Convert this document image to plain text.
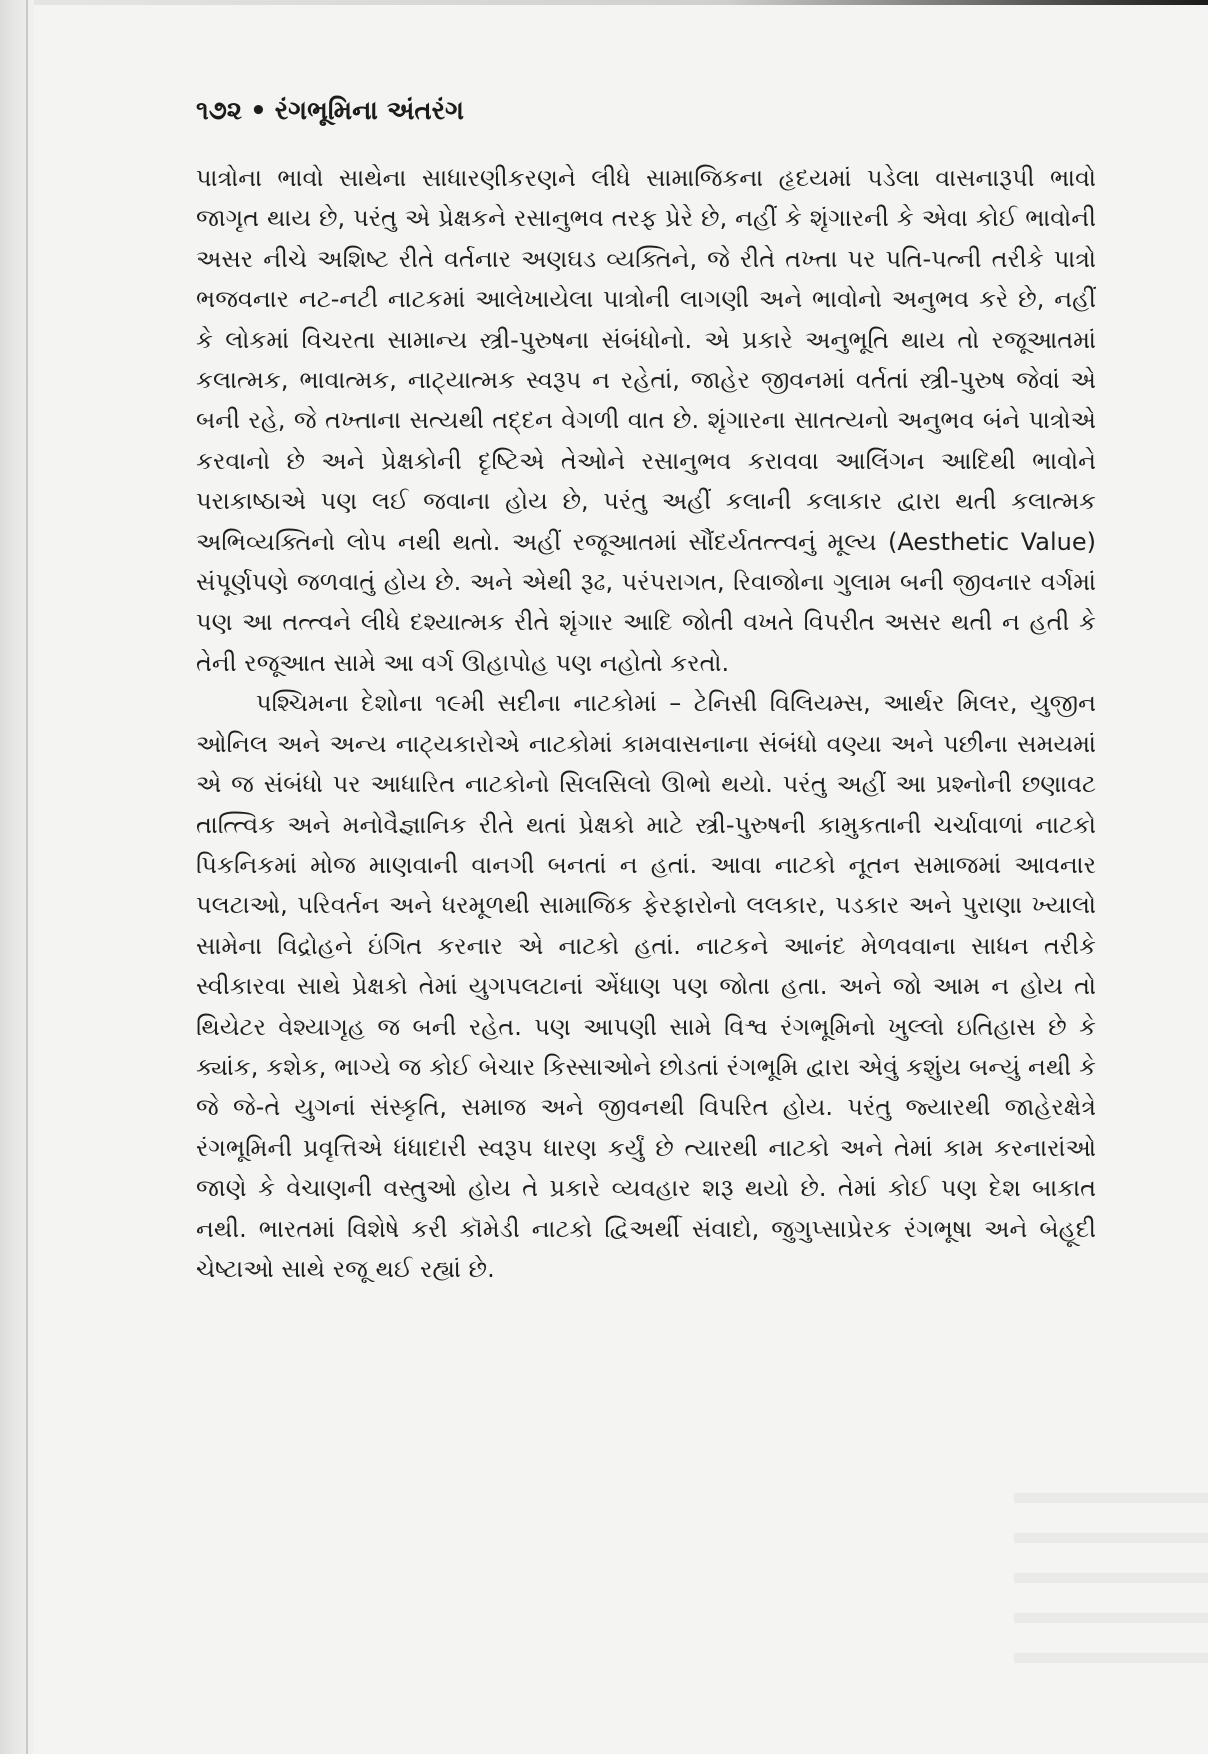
૧૭૨ • રંગભૂમિના અંતરંગ

પાત્રોના ભાવો સાથેના સાધારણીકરણને લીધે સામાજિકના હૃદયમાં પડેલા વાસનારૂપી ભાવો જાગૃત થાય છે, પરંતુ એ પ્રેક્ષકને રસાનુભવ તરફ પ્રેરે છે, નહીં કે શૃંગારની કે એવા કોઈ ભાવોની અસર નીચે અશિષ્ટ રીતે વર્તનાર અણઘડ વ્યક્તિને, જે રીતે તખ્તા પર પતિ-પત્ની તરીકે પાત્રો ભજવનાર નટ-નટી નાટકમાં આલેખાયેલા પાત્રોની લાગણી અને ભાવોનો અનુભવ કરે છે, નહીં કે લોકમાં વિચરતા સામાન્ય સ્ત્રી-પુરુષના સંબંધોનો. એ પ્રકારે અનુભૂતિ થાય તો રજૂઆતમાં કલાત્મક, ભાવાત્મક, નાટ્યાત્મક સ્વરૂપ ન રહેતાં, જાહેર જીવનમાં વર્તતાં સ્ત્રી-પુરુષ જેવાં એ બની રહે, જે તખ્તાના સત્યથી તદ્દન વેગળી વાત છે. શૃંગારના સાતત્યનો અનુભવ બંને પાત્રોએ કરવાનો છે અને પ્રેક્ષકોની દૃષ્ટિએ તેઓને રસાનુભવ કરાવવા આલિંગન આદિથી ભાવોને પરાકાષ્ઠાએ પણ લઈ જવાના હોય છે, પરંતુ અહીં કલાની કલાકાર દ્વારા થતી કલાત્મક અભિવ્યક્તિનો લોપ નથી થતો. અહીં રજૂઆતમાં સૌંદર્યતત્ત્વનું મૂલ્ય (Aesthetic Value) સંપૂર્ણપણે જળવાતું હોય છે. અને એથી રૂઢ, પરંપરાગત, રિવાજોના ગુલામ બની જીવનાર વર્ગમાં પણ આ તત્ત્વને લીધે દશ્યાત્મક રીતે શૃંગાર આદિ જોતી વખતે વિપરીત અસર થતી ન હતી કે તેની રજૂઆત સામે આ વર્ગ ઊહાપોહ પણ નહોતો કરતો.

પશ્ચિમના દેશોના ૧૯મી સદીના નાટકોમાં – ટેનિસી વિલિયમ્સ, આર્થર મિલર, યુજીન ઓનિલ અને અન્ય નાટ્યકારોએ નાટકોમાં કામવાસનાના સંબંધો વણ્યા અને પછીના સમયમાં એ જ સંબંધો પર આધારિત નાટકોનો સિલસિલો ઊભો થયો. પરંતુ અહીં આ પ્રશ્નોની છણાવટ તાત્ત્વિક અને મનોવૈજ્ઞાનિક રીતે થતાં પ્રેક્ષકો માટે સ્ત્રી-પુરુષની કામુકતાની ચર્ચાવાળાં નાટકો પિકનિકમાં મોજ માણવાની વાનગી બનતાં ન હતાં. આવા નાટકો નૂતન સમાજમાં આવનાર પલટાઓ, પરિવર્તન અને ધરમૂળથી સામાજિક ફેરફારોનો લલકાર, પડકાર અને પુરાણા ખ્યાલો સામેના વિદ્રોહને ઇંગિત કરનાર એ નાટકો હતાં. નાટકને આનંદ મેળવવાના સાધન તરીકે સ્વીકારવા સાથે પ્રેક્ષકો તેમાં યુગપલટાનાં એંધાણ પણ જોતા હતા. અને જો આમ ન હોય તો થિયેટર વેશ્યાગૃહ જ બની રહેત. પણ આપણી સામે વિશ્વ રંગભૂમિનો ખુલ્લો ઇતિહાસ છે કે ક્યાંક, કશેક, ભાગ્યે જ કોઈ બેચાર કિસ્સાઓને છોડતાં રંગભૂમિ દ્વારા એવું કશુંય બન્યું નથી કે જે જે-તે યુગનાં સંસ્કૃતિ, સમાજ અને જીવનથી વિપરિત હોય. પરંતુ જ્યારથી જાહેરક્ષેત્રે રંગભૂમિની પ્રવૃત્તિએ ધંધાદારી સ્વરૂપ ધારણ કર્યું છે ત્યારથી નાટકો અને તેમાં કામ કરનારાંઓ જાણે કે વેચાણની વસ્તુઓ હોય તે પ્રકારે વ્યવહાર શરૂ થયો છે. તેમાં કોઈ પણ દેશ બાકાત નથી. ભારતમાં વિશેષે કરી કૉમેડી નાટકો દ્વિઅર્થી સંવાદો, જુગુપ્સાપ્રેરક રંગભૂષા અને બેહૂદી ચેષ્ટાઓ સાથે રજૂ થઈ રહ્યાં છે.
